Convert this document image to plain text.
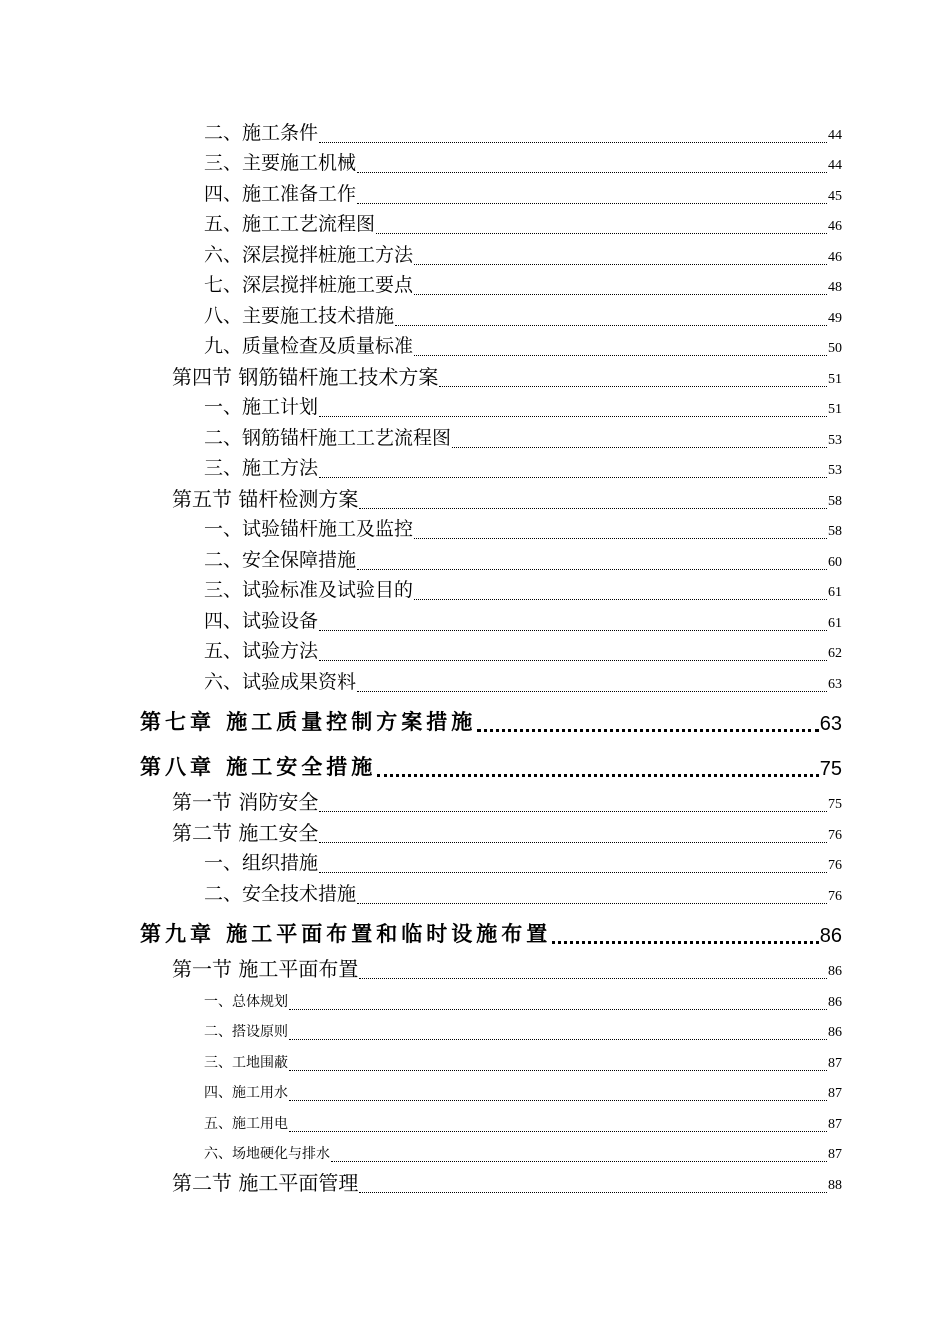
二、施工条件	44
三、主要施工机械	44
四、施工准备工作	45
五、施工工艺流程图	46
六、深层搅拌桩施工方法	46
七、深层搅拌桩施工要点	48
八、主要施工技术措施	49
九、质量检查及质量标准	50
第四节 钢筋锚杆施工技术方案	51
一、施工计划	51
二、钢筋锚杆施工工艺流程图	53
三、施工方法	53
第五节 锚杆检测方案	58
一、试验锚杆施工及监控	58
二、安全保障措施	60
三、试验标准及试验目的	61
四、试验设备	61
五、试验方法	62
六、试验成果资料	63
第七章 施工质量控制方案措施	63
第八章 施工安全措施	75
第一节 消防安全	75
第二节 施工安全	76
一、组织措施	76
二、安全技术措施	76
第九章 施工平面布置和临时设施布置	86
第一节 施工平面布置	86
一、总体规划	86
二、搭设原则	86
三、工地围蔽	87
四、施工用水	87
五、施工用电	87
六、场地硬化与排水	87
第二节 施工平面管理	88
